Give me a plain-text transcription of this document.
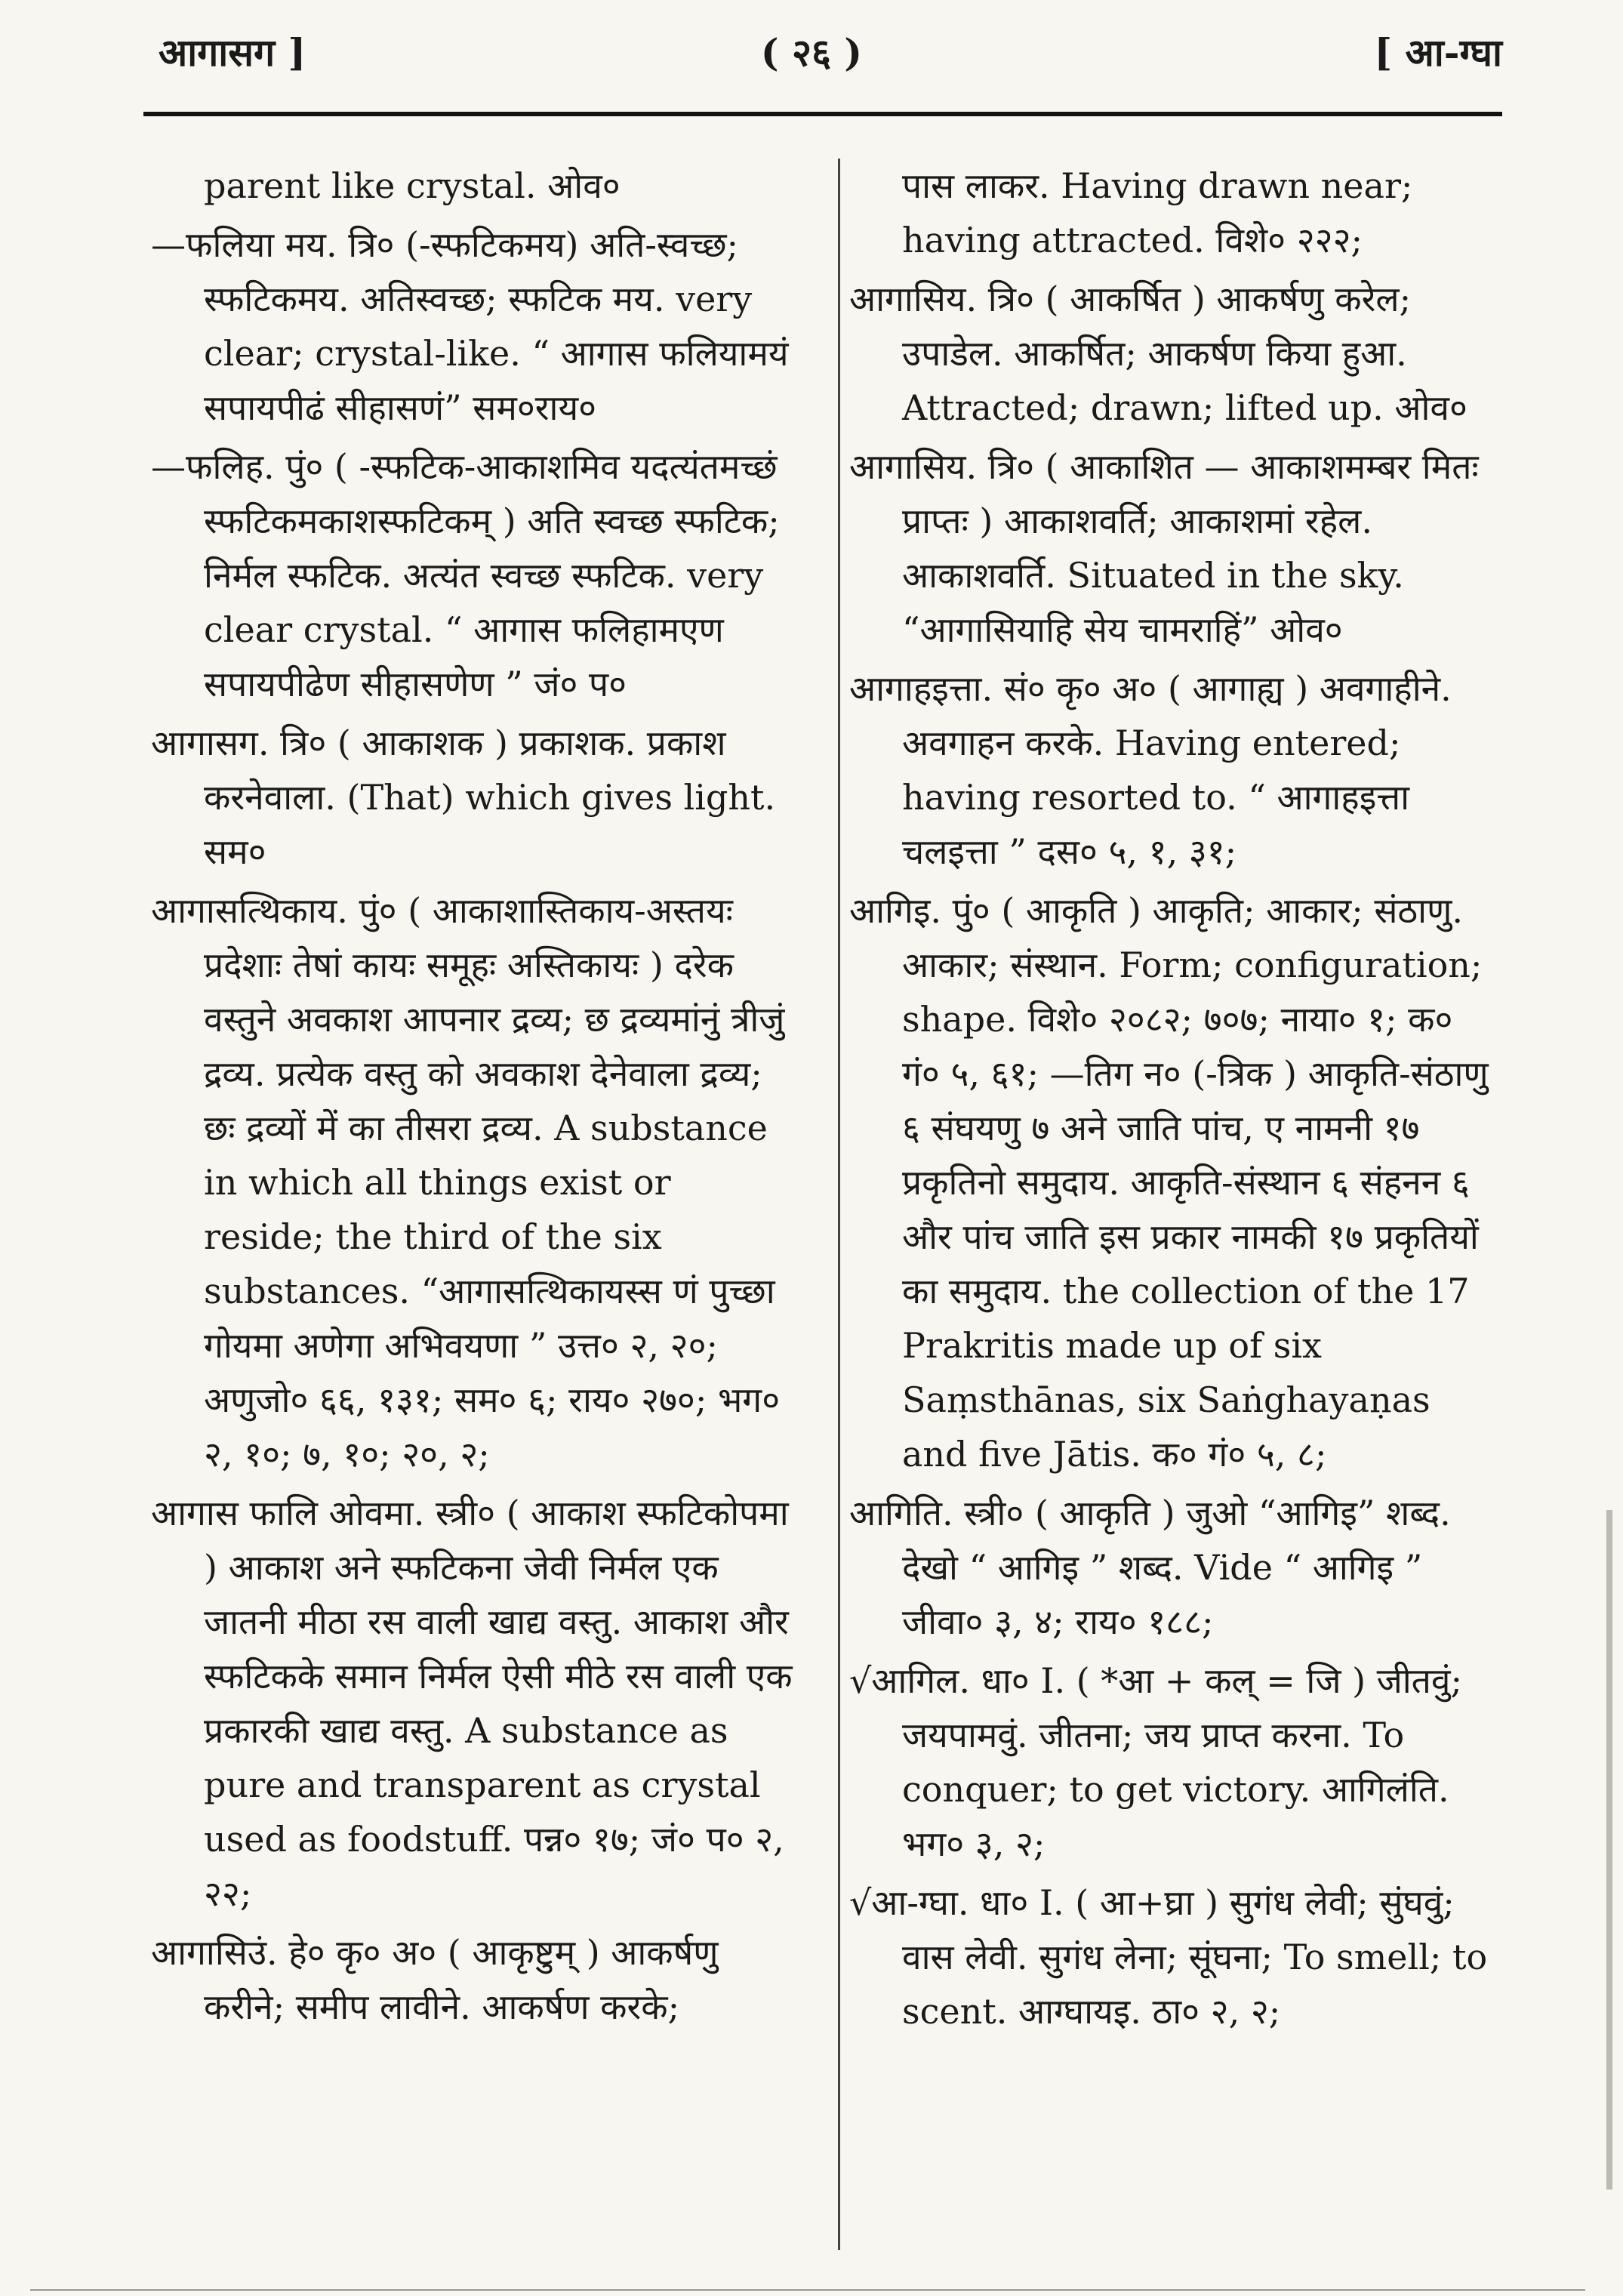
आगासग ]	( २६ )	[ आ-ग्घा

parent like crystal. ओव०

—फलिया मय. त्रि० (-स्फटिकमय) अति-स्वच्छ; स्फटिकमय. अतिस्वच्छ; स्फटिक मय. very clear; crystal-like. “ आगास फलियामयं सपायपीढं सीहासणं” सम०राय०

—फलिह. पुं० ( -स्फटिक-आकाशमिव यदत्यंतमच्छं स्फटिकमकाशस्फटिकम् ) अति स्वच्छ स्फटिक; निर्मल स्फटिक. अत्यंत स्वच्छ स्फटिक. very clear crystal. “ आगास फलिहामएण सपायपीढेण सीहासणेण ” जं० प०

आगासग. त्रि० ( आकाशक ) प्रकाशक. प्रकाश करनेवाला. (That) which gives light. सम०

आगासत्थिकाय. पुं० ( आकाशास्तिकाय-अस्तयः प्रदेशाः तेषां कायः समूहः अस्तिकायः ) दरेक वस्तुने अवकाश आपनार द्रव्य; छ द्रव्यमांनुं त्रीजुं द्रव्य. प्रत्येक वस्तु को अवकाश देनेवाला द्रव्य; छः द्रव्यों में का तीसरा द्रव्य. A substance in which all things exist or reside; the third of the six substances. “आगासत्थिकायस्स णं पुच्छा गोयमा अणेगा अभिवयणा ” उत्त० २, २०; अणुजो० ६६, १३१; सम० ६; राय० २७०; भग० २, १०; ७, १०; २०, २;

आगास फालि ओवमा. स्त्री० ( आकाश स्फटिकोपमा ) आकाश अने स्फटिकना जेवी निर्मल एक जातनी मीठा रस वाली खाद्य वस्तु. आकाश और स्फटिकके समान निर्मल ऐसी मीठे रस वाली एक प्रकारकी खाद्य वस्तु. A substance as pure and transparent as crystal used as foodstuff. पन्न० १७; जं० प० २, २२;

आगासिउं. हे० कृ० अ० ( आकृष्टुम् ) आकर्षणु करीने; समीप लावीने. आकर्षण करके;

पास लाकर. Having drawn near; having attracted. विशे० २२२;

आगासिय. त्रि० ( आकर्षित ) आकर्षणु करेल; उपाडेल. आकर्षित; आकर्षण किया हुआ. Attracted; drawn; lifted up. ओव०

आगासिय. त्रि० ( आकाशित — आकाशमम्बर मितः प्राप्तः ) आकाशवर्ति; आकाशमां रहेल. आकाशवर्ति. Situated in the sky. “आगासियाहि सेय चामराहिं” ओव०

आगाहइत्ता. सं० कृ० अ० ( आगाह्य ) अवगाहीने. अवगाहन करके. Having entered; having resorted to. “ आगाहइत्ता चलइत्ता ” दस० ५, १, ३१;

आगिइ. पुं० ( आकृति ) आकृति; आकार; संठाणु. आकार; संस्थान. Form; configuration; shape. विशे० २०८२; ७०७; नाया० १; क० गं० ५, ६१; —तिग न० (-त्रिक ) आकृति-संठाणु ६ संघयणु ७ अने जाति पांच, ए नामनी १७ प्रकृतिनो समुदाय. आकृति-संस्थान ६ संहनन ६ और पांच जाति इस प्रकार नामकी १७ प्रकृतियों का समुदाय. the collection of the 17 Prakritis made up of six Saṃsthānas, six Saṅghayaṇas and five Jātis. क० गं० ५, ८;

आगिति. स्त्री० ( आकृति ) जुओ “आगिइ” शब्द. देखो “ आगिइ ” शब्द. Vide “ आगिइ ” जीवा० ३, ४; राय० १८८;

√आगिल. धा० I. ( *आ + कल् = जि ) जीतवुं; जयपामवुं. जीतना; जय प्राप्त करना. To conquer; to get victory. आगिलंति. भग० ३, २;

√आ-ग्घा. धा० I. ( आ+घ्रा ) सुगंध लेवी; सुंघवुं; वास लेवी. सुगंध लेना; सूंघना; To smell; to scent. आग्घायइ. ठा० २, २;
